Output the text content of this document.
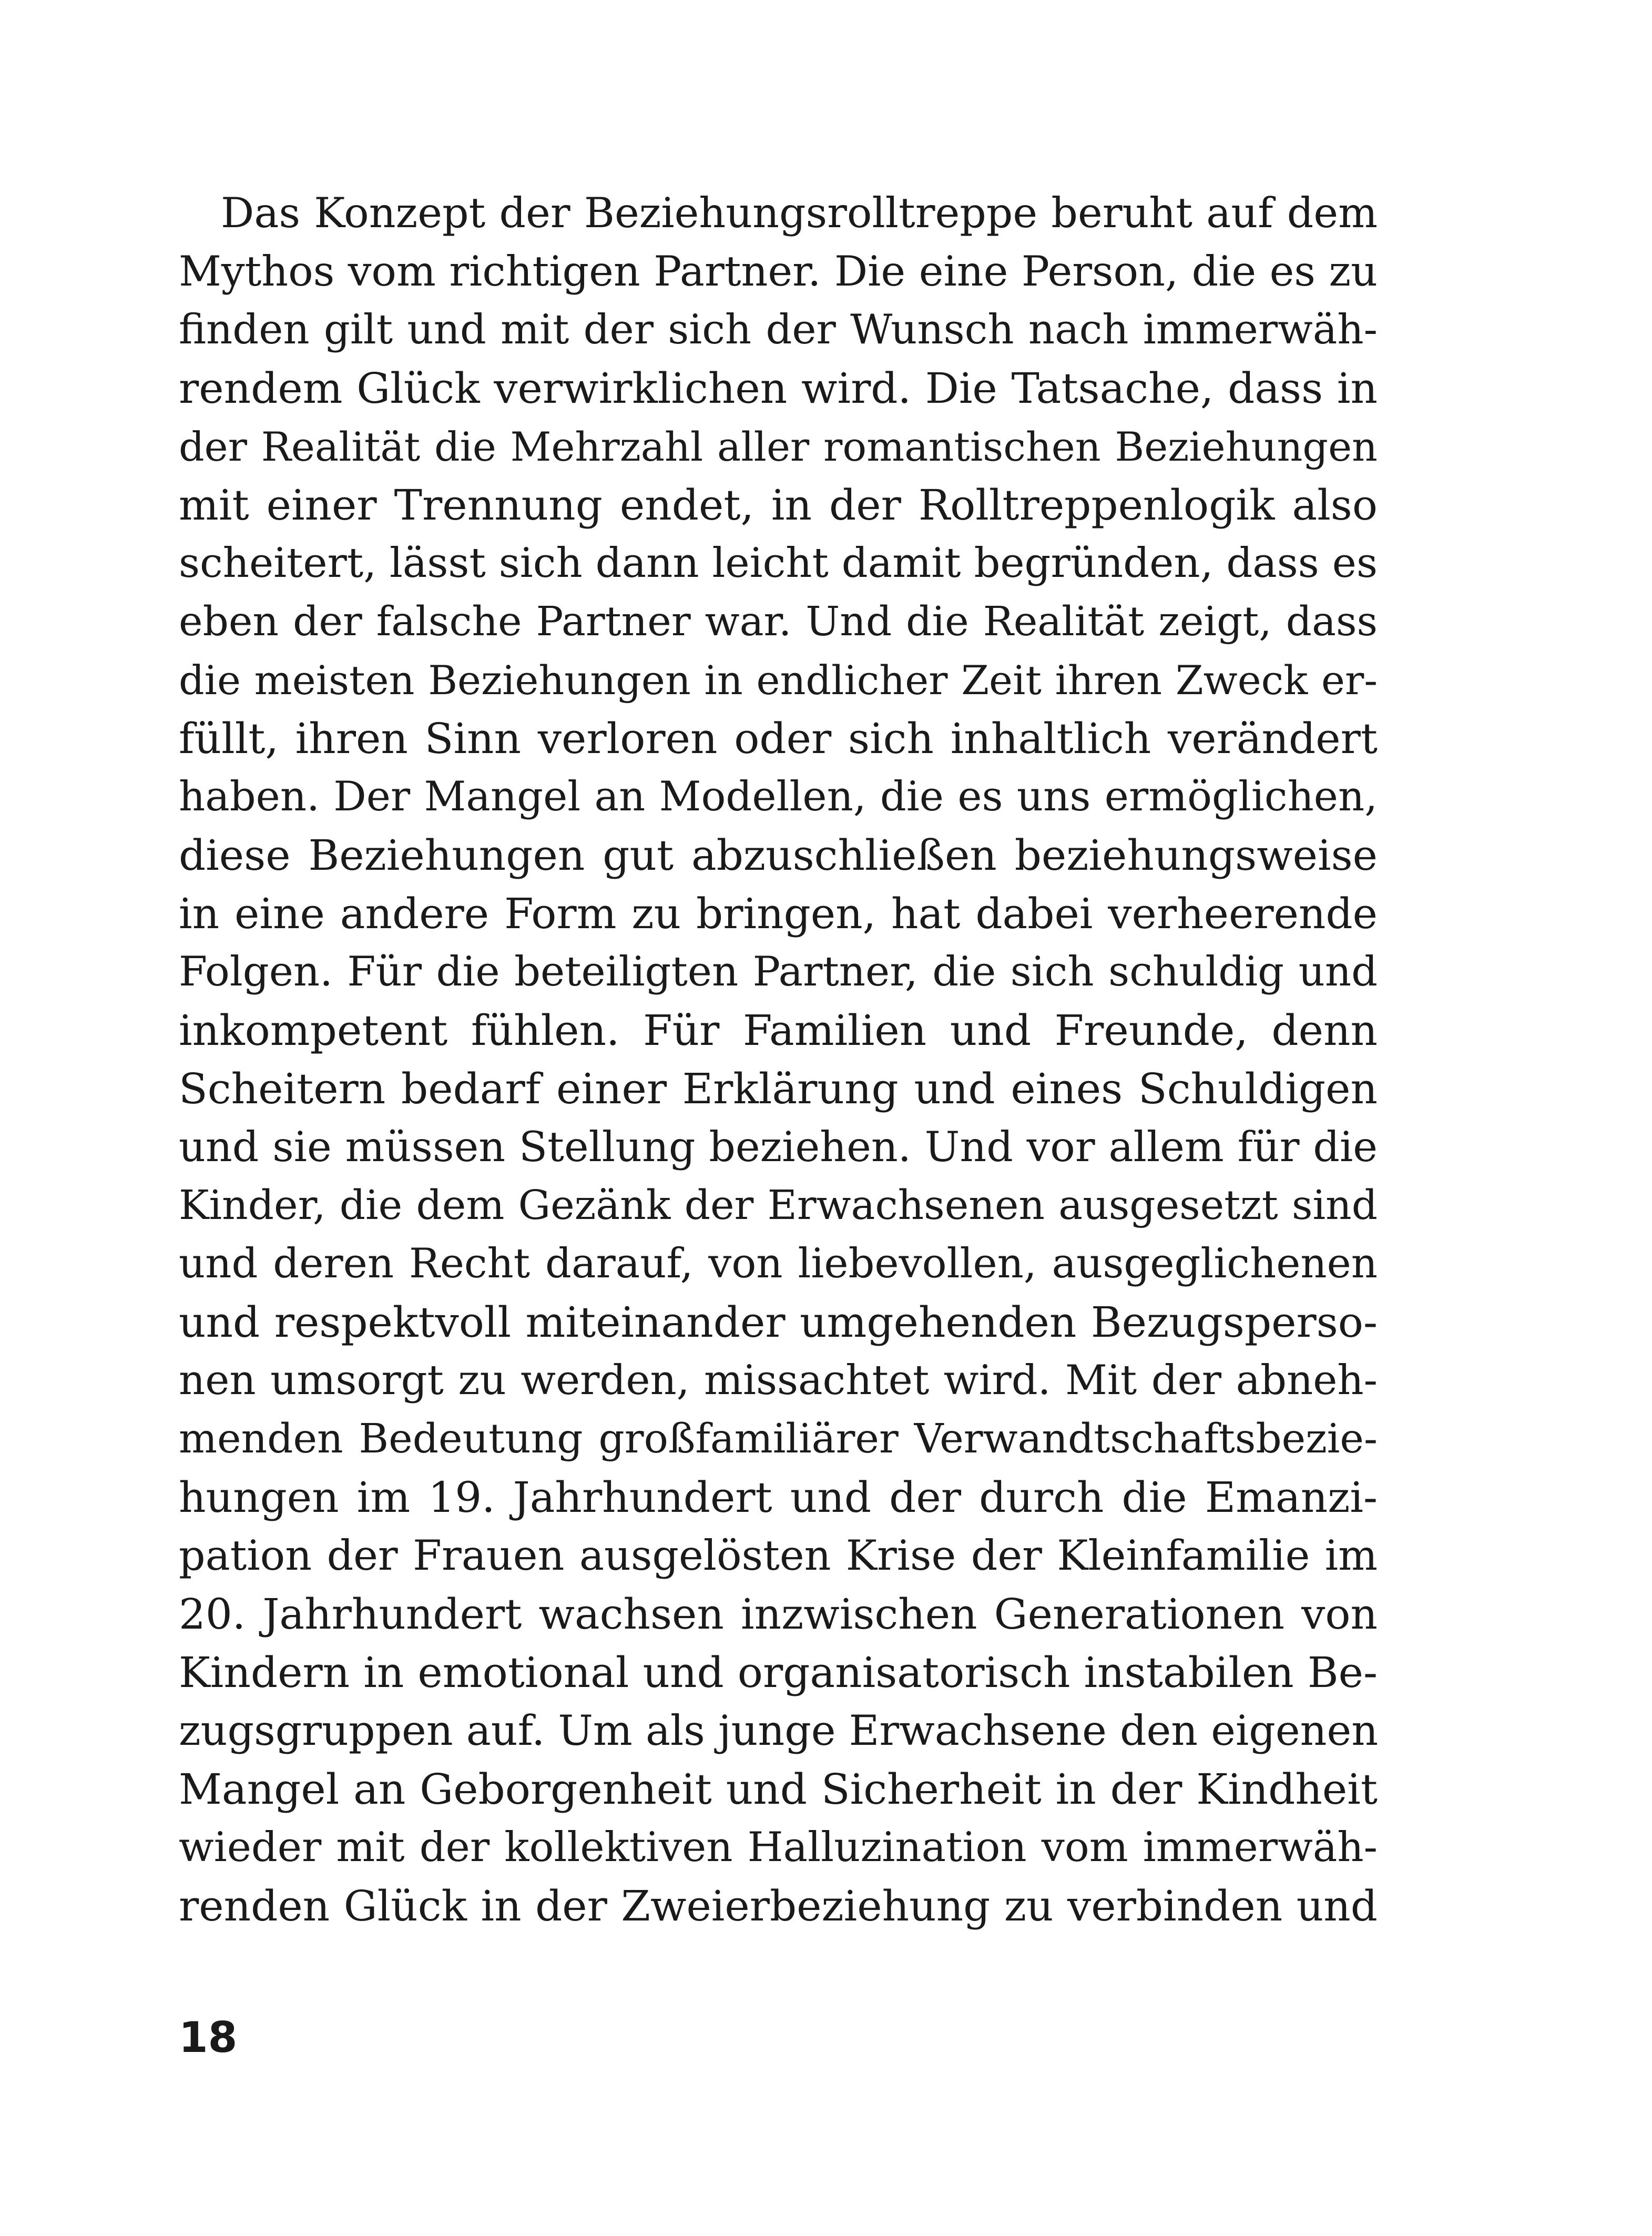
Das Konzept der Beziehungsrolltreppe beruht auf dem
Mythos vom richtigen Partner. Die eine Person, die es zu
finden gilt und mit der sich der Wunsch nach immerwäh-
rendem Glück verwirklichen wird. Die Tatsache, dass in
der Realität die Mehrzahl aller romantischen Beziehungen
mit einer Trennung endet, in der Rolltreppenlogik also
scheitert, lässt sich dann leicht damit begründen, dass es
eben der falsche Partner war. Und die Realität zeigt, dass
die meisten Beziehungen in endlicher Zeit ihren Zweck er-
füllt, ihren Sinn verloren oder sich inhaltlich verändert
haben. Der Mangel an Modellen, die es uns ermöglichen,
diese Beziehungen gut abzuschließen beziehungsweise
in eine andere Form zu bringen, hat dabei verheerende
Folgen. Für die beteiligten Partner, die sich schuldig und
inkompetent fühlen. Für Familien und Freunde, denn
Scheitern bedarf einer Erklärung und eines Schuldigen
und sie müssen Stellung beziehen. Und vor allem für die
Kinder, die dem Gezänk der Erwachsenen ausgesetzt sind
und deren Recht darauf, von liebevollen, ausgeglichenen
und respektvoll miteinander umgehenden Bezugsperso-
nen umsorgt zu werden, missachtet wird. Mit der abneh-
menden Bedeutung großfamiliärer Verwandtschaftsbezie-
hungen im 19. Jahrhundert und der durch die Emanzi-
pation der Frauen ausgelösten Krise der Kleinfamilie im
20. Jahrhundert wachsen inzwischen Generationen von
Kindern in emotional und organisatorisch instabilen Be-
zugsgruppen auf. Um als junge Erwachsene den eigenen
Mangel an Geborgenheit und Sicherheit in der Kindheit
wieder mit der kollektiven Halluzination vom immerwäh-
renden Glück in der Zweierbeziehung zu verbinden und
18
